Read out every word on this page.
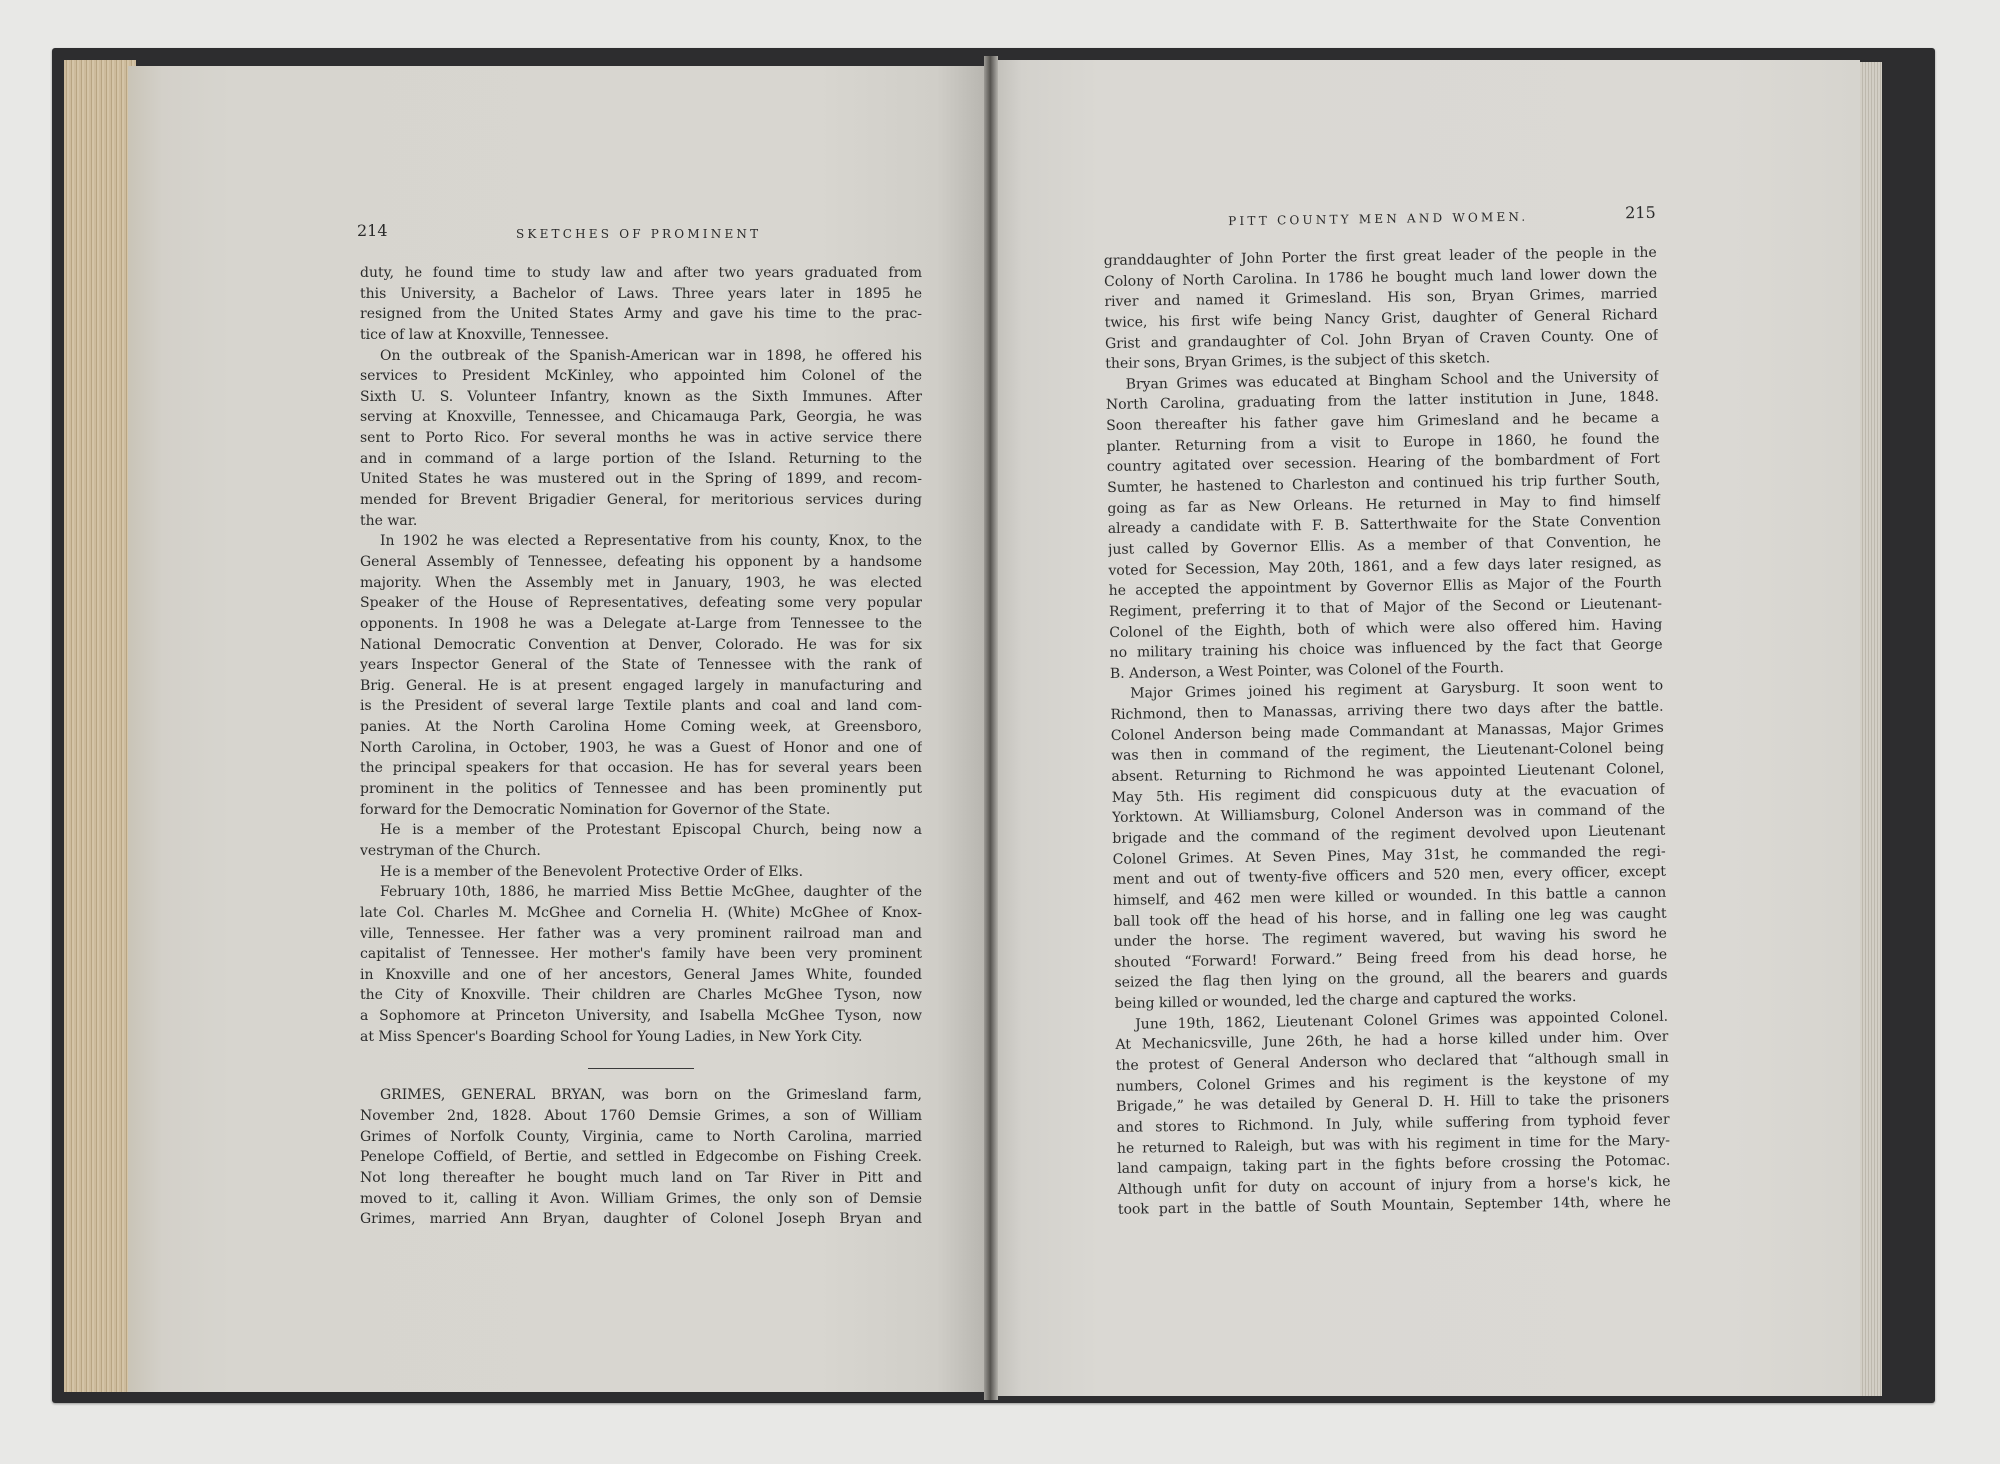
214	SKETCHES OF PROMINENT
duty, he found time to study law and after two years graduated from
this University, a Bachelor of Laws. Three years later in 1895 he
resigned from the United States Army and gave his time to the prac-
tice of law at Knoxville, Tennessee.
On the outbreak of the Spanish-American war in 1898, he offered his
services to President McKinley, who appointed him Colonel of the
Sixth U. S. Volunteer Infantry, known as the Sixth Immunes. After
serving at Knoxville, Tennessee, and Chicamauga Park, Georgia, he was
sent to Porto Rico. For several months he was in active service there
and in command of a large portion of the Island. Returning to the
United States he was mustered out in the Spring of 1899, and recom-
mended for Brevent Brigadier General, for meritorious services during
the war.
In 1902 he was elected a Representative from his county, Knox, to the
General Assembly of Tennessee, defeating his opponent by a handsome
majority. When the Assembly met in January, 1903, he was elected
Speaker of the House of Representatives, defeating some very popular
opponents. In 1908 he was a Delegate at-Large from Tennessee to the
National Democratic Convention at Denver, Colorado. He was for six
years Inspector General of the State of Tennessee with the rank of
Brig. General. He is at present engaged largely in manufacturing and
is the President of several large Textile plants and coal and land com-
panies. At the North Carolina Home Coming week, at Greensboro,
North Carolina, in October, 1903, he was a Guest of Honor and one of
the principal speakers for that occasion. He has for several years been
prominent in the politics of Tennessee and has been prominently put
forward for the Democratic Nomination for Governor of the State.
He is a member of the Protestant Episcopal Church, being now a
vestryman of the Church.
He is a member of the Benevolent Protective Order of Elks.
February 10th, 1886, he married Miss Bettie McGhee, daughter of the
late Col. Charles M. McGhee and Cornelia H. (White) McGhee of Knox-
ville, Tennessee. Her father was a very prominent railroad man and
capitalist of Tennessee. Her mother's family have been very prominent
in Knoxville and one of her ancestors, General James White, founded
the City of Knoxville. Their children are Charles McGhee Tyson, now
a Sophomore at Princeton University, and Isabella McGhee Tyson, now
at Miss Spencer's Boarding School for Young Ladies, in New York City.
GRIMES, GENERAL BRYAN, was born on the Grimesland farm,
November 2nd, 1828. About 1760 Demsie Grimes, a son of William
Grimes of Norfolk County, Virginia, came to North Carolina, married
Penelope Coffield, of Bertie, and settled in Edgecombe on Fishing Creek.
Not long thereafter he bought much land on Tar River in Pitt and
moved to it, calling it Avon. William Grimes, the only son of Demsie
Grimes, married Ann Bryan, daughter of Colonel Joseph Bryan and
PITT COUNTY MEN AND WOMEN.	215
granddaughter of John Porter the first great leader of the people in the
Colony of North Carolina. In 1786 he bought much land lower down the
river and named it Grimesland. His son, Bryan Grimes, married
twice, his first wife being Nancy Grist, daughter of General Richard
Grist and grandaughter of Col. John Bryan of Craven County. One of
their sons, Bryan Grimes, is the subject of this sketch.
Bryan Grimes was educated at Bingham School and the University of
North Carolina, graduating from the latter institution in June, 1848.
Soon thereafter his father gave him Grimesland and he became a
planter. Returning from a visit to Europe in 1860, he found the
country agitated over secession. Hearing of the bombardment of Fort
Sumter, he hastened to Charleston and continued his trip further South,
going as far as New Orleans. He returned in May to find himself
already a candidate with F. B. Satterthwaite for the State Convention
just called by Governor Ellis. As a member of that Convention, he
voted for Secession, May 20th, 1861, and a few days later resigned, as
he accepted the appointment by Governor Ellis as Major of the Fourth
Regiment, preferring it to that of Major of the Second or Lieutenant-
Colonel of the Eighth, both of which were also offered him. Having
no military training his choice was influenced by the fact that George
B. Anderson, a West Pointer, was Colonel of the Fourth.
Major Grimes joined his regiment at Garysburg. It soon went to
Richmond, then to Manassas, arriving there two days after the battle.
Colonel Anderson being made Commandant at Manassas, Major Grimes
was then in command of the regiment, the Lieutenant-Colonel being
absent. Returning to Richmond he was appointed Lieutenant Colonel,
May 5th. His regiment did conspicuous duty at the evacuation of
Yorktown. At Williamsburg, Colonel Anderson was in command of the
brigade and the command of the regiment devolved upon Lieutenant
Colonel Grimes. At Seven Pines, May 31st, he commanded the regi-
ment and out of twenty-five officers and 520 men, every officer, except
himself, and 462 men were killed or wounded. In this battle a cannon
ball took off the head of his horse, and in falling one leg was caught
under the horse. The regiment wavered, but waving his sword he
shouted “Forward! Forward.” Being freed from his dead horse, he
seized the flag then lying on the ground, all the bearers and guards
being killed or wounded, led the charge and captured the works.
June 19th, 1862, Lieutenant Colonel Grimes was appointed Colonel.
At Mechanicsville, June 26th, he had a horse killed under him. Over
the protest of General Anderson who declared that “although small in
numbers, Colonel Grimes and his regiment is the keystone of my
Brigade,” he was detailed by General D. H. Hill to take the prisoners
and stores to Richmond. In July, while suffering from typhoid fever
he returned to Raleigh, but was with his regiment in time for the Mary-
land campaign, taking part in the fights before crossing the Potomac.
Although unfit for duty on account of injury from a horse's kick, he
took part in the battle of South Mountain, September 14th, where he
